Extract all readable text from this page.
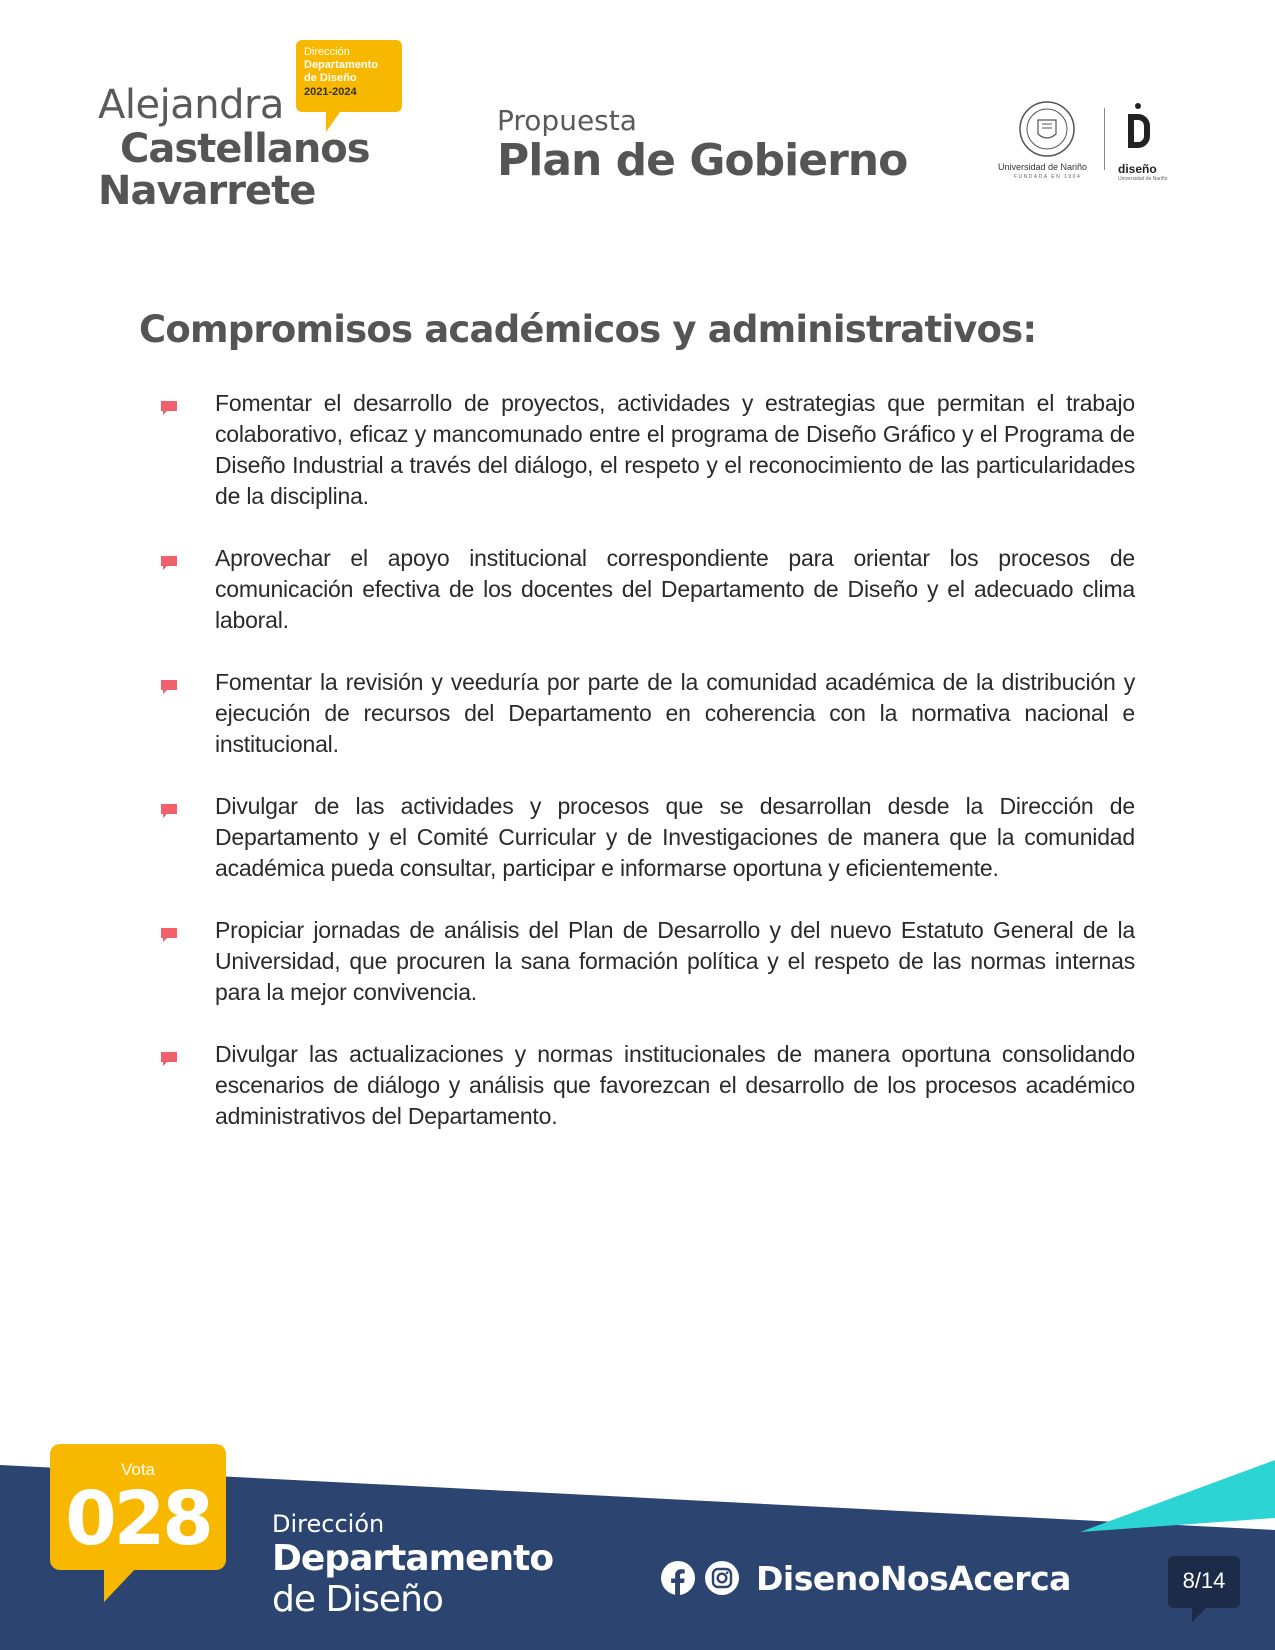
Alejandra
Castellanos
Navarrete
Dirección
Departamento
de Diseño
2021-2024
Propuesta
Plan de Gobierno	Universidad de Nariño
FUNDADA EN 1904
diseño
Universidad de Nariño
Compromisos académicos y administrativos:

Fomentar el desarrollo de proyectos, actividades y estrategias que permitan el trabajo colaborativo, eficaz y mancomunado entre el programa de Diseño Gráfico y el Programa de Diseño Industrial a través del diálogo, el respeto y el reconocimiento de las particularidades de la disciplina.

Aprovechar el apoyo institucional correspondiente para orientar los procesos de comunicación efectiva de los docentes del Departamento de Diseño y el adecuado clima laboral.

Fomentar la revisión y veeduría por parte de la comunidad académica de la distribución y ejecución de recursos del Departamento en coherencia con la normativa nacional e institucional.

Divulgar de las actividades y procesos que se desarrollan desde la Dirección de Departamento y el Comité Curricular y de Investigaciones de manera que la comunidad académica pueda consultar, participar e informarse oportuna y eficientemente.

Propiciar jornadas de análisis del Plan de Desarrollo y del nuevo Estatuto General de la Universidad, que procuren la sana formación política y el respeto de las normas internas para la mejor convivencia.

Divulgar las actualizaciones y normas institucionales de manera oportuna consolidando escenarios de diálogo y análisis que favorezcan el desarrollo de los procesos académico administrativos del Departamento.

Vota
028	Dirección
Departamento
de Diseño
DisenoNosAcerca	8/14
